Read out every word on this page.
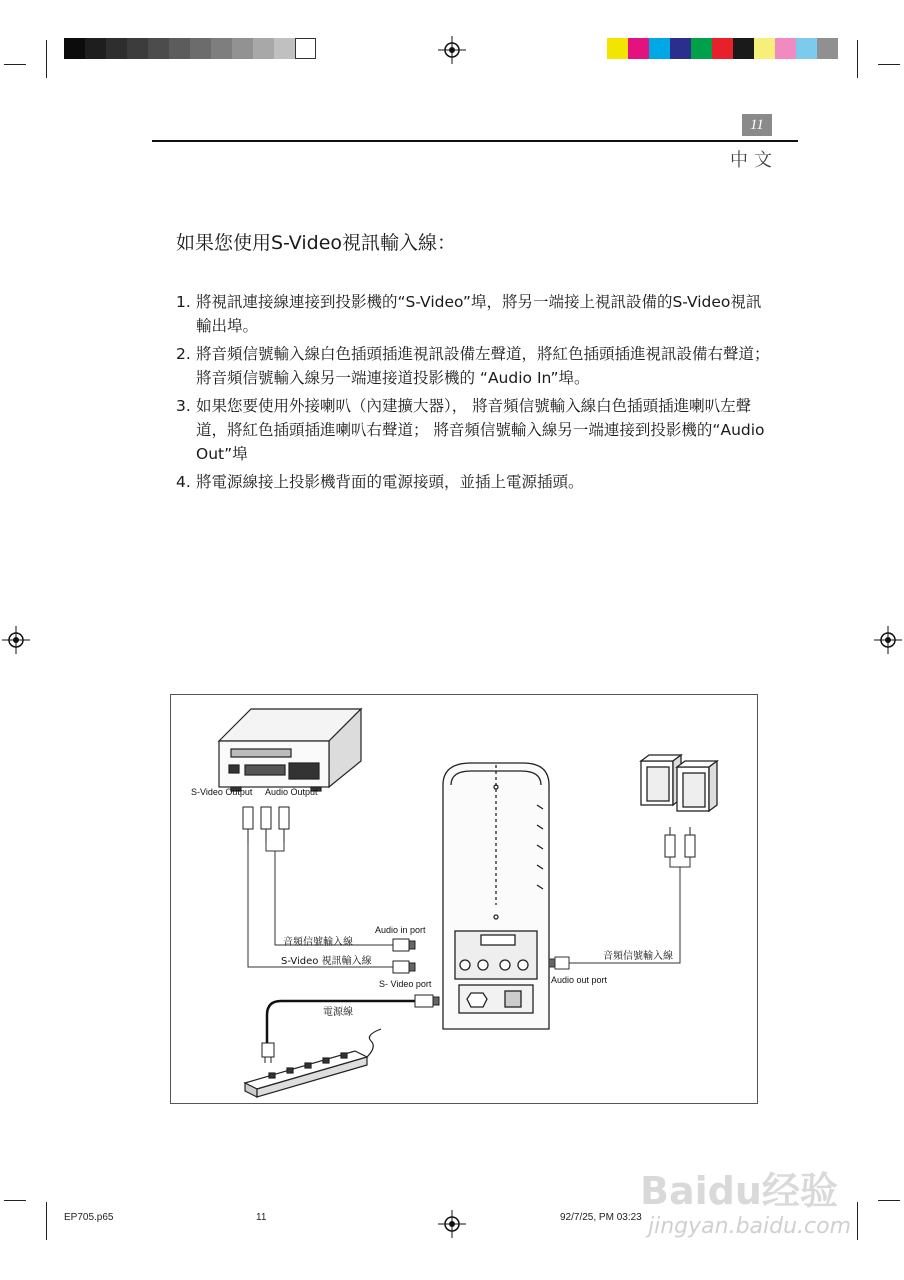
11
中文
如果您使用S-Video視訊輸入線：
1. 將視訊連接線連接到投影機的“S-Video”埠，將另一端接上視訊設備的S-Video視訊輸出埠。
2. 將音頻信號輸入線白色插頭插進視訊設備左聲道，將紅色插頭插進視訊設備右聲道；將音頻信號輸入線另一端連接道投影機的 “Audio In”埠。
3. 如果您要使用外接喇叭（內建擴大器）， 將音頻信號輸入線白色插頭插進喇叭左聲道，將紅色插頭插進喇叭右聲道； 將音頻信號輸入線另一端連接到投影機的“Audio Out”埠
4. 將電源線接上投影機背面的電源接頭，並插上電源插頭。
S-Video Output Audio Output
音頻信號輸入線
Audio in port
S-Video 視訊輸入線
S- Video port
電源線
音頻信號輸入線
Audio out port
Baidu经验
jingyan.baidu.com
EP705.p65	11	92/7/25, PM 03:23
